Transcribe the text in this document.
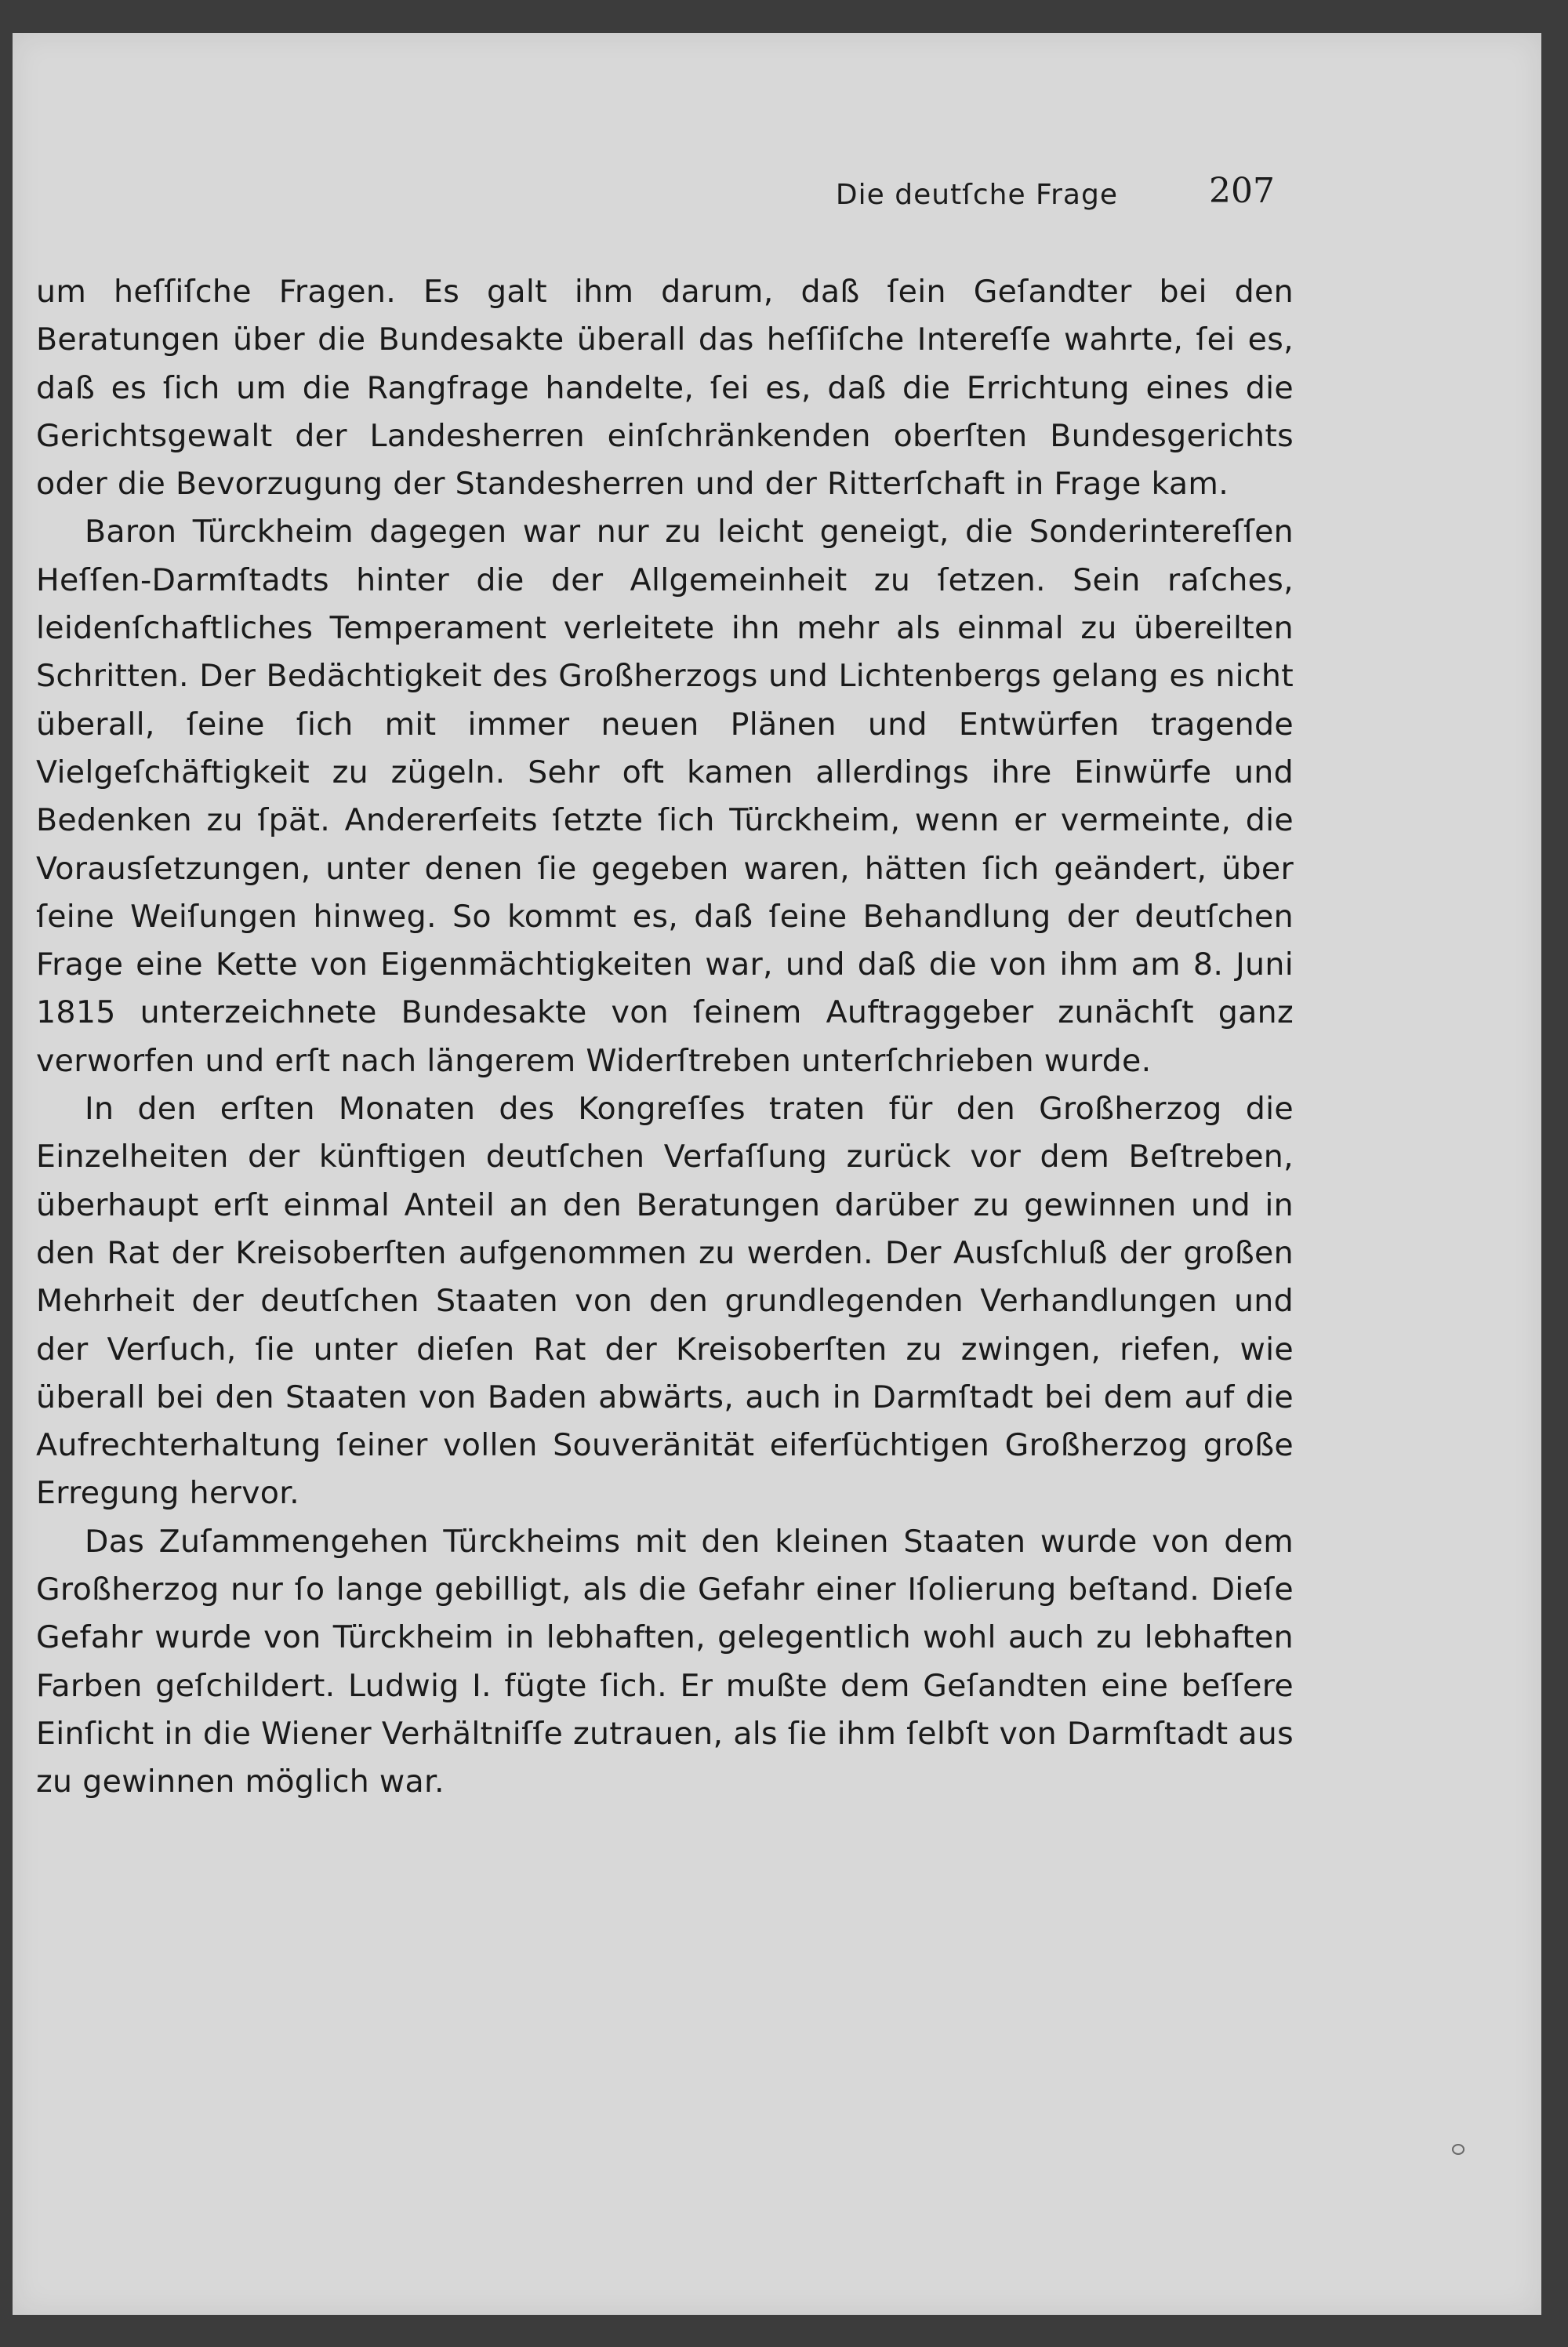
Die deutſche Frage	207

um heſſiſche Fragen. Es galt ihm darum, daß ſein Geſandter bei den Beratungen über die Bundesakte überall das heſſiſche Intereſſe wahrte, ſei es, daß es ſich um die Rangfrage handelte, ſei es, daß die Errichtung eines die Gerichtsgewalt der Landesherren einſchränkenden oberſten Bundesgerichts oder die Bevorzugung der Standesherren und der Ritterſchaft in Frage kam.

Baron Türckheim dagegen war nur zu leicht geneigt, die Sonderintereſſen Heſſen-Darmſtadts hinter die der Allgemeinheit zu ſetzen. Sein raſches, leidenſchaftliches Temperament verleitete ihn mehr als einmal zu übereilten Schritten. Der Bedächtigkeit des Großherzogs und Lichtenbergs gelang es nicht überall, ſeine ſich mit immer neuen Plänen und Entwürfen tragende Vielgeſchäftigkeit zu zügeln. Sehr oft kamen allerdings ihre Einwürfe und Bedenken zu ſpät. Andererſeits ſetzte ſich Türckheim, wenn er vermeinte, die Vorausſetzungen, unter denen ſie gegeben waren, hätten ſich geändert, über ſeine Weiſungen hinweg. So kommt es, daß ſeine Behandlung der deutſchen Frage eine Kette von Eigenmächtigkeiten war, und daß die von ihm am 8. Juni 1815 unterzeichnete Bundesakte von ſeinem Auftraggeber zunächſt ganz verworfen und erſt nach längerem Widerſtreben unterſchrieben wurde.

In den erſten Monaten des Kongreſſes traten für den Großherzog die Einzelheiten der künftigen deutſchen Verfaſſung zurück vor dem Beſtreben, überhaupt erſt einmal Anteil an den Beratungen darüber zu gewinnen und in den Rat der Kreisoberſten aufgenommen zu werden. Der Ausſchluß der großen Mehrheit der deutſchen Staaten von den grundlegenden Verhandlungen und der Verſuch, ſie unter dieſen Rat der Kreisoberſten zu zwingen, riefen, wie überall bei den Staaten von Baden abwärts, auch in Darmſtadt bei dem auf die Aufrechterhaltung ſeiner vollen Souveränität eiferſüchtigen Großherzog große Erregung hervor.

Das Zuſammengehen Türckheims mit den kleinen Staaten wurde von dem Großherzog nur ſo lange gebilligt, als die Gefahr einer Iſolierung beſtand. Dieſe Gefahr wurde von Türckheim in lebhaften, gelegentlich wohl auch zu lebhaften Farben geſchildert. Ludwig I. fügte ſich. Er mußte dem Geſandten eine beſſere Einſicht in die Wiener Verhältniſſe zutrauen, als ſie ihm ſelbſt von Darmſtadt aus zu gewinnen möglich war.
